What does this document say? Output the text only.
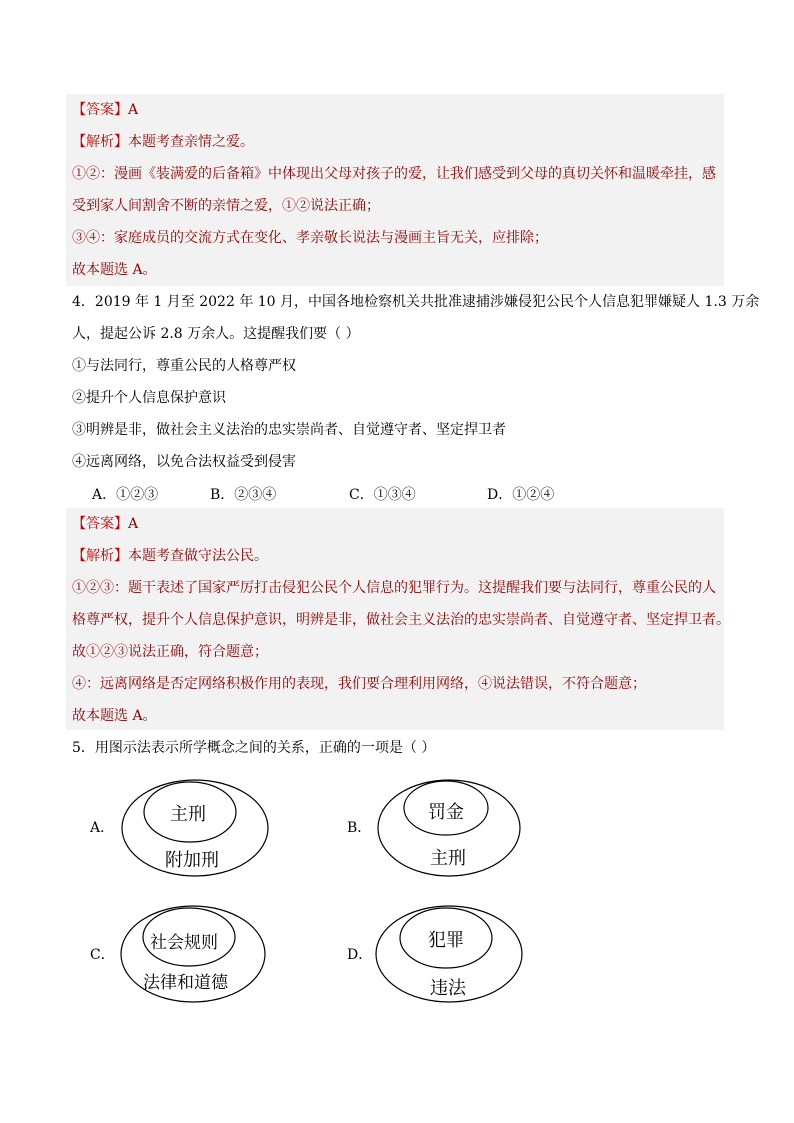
【答案】A
【解析】本题考查亲情之爱。
①②：漫画《装满爱的后备箱》中体现出父母对孩子的爱，让我们感受到父母的真切关怀和温暖牵挂，感
受到家人间割舍不断的亲情之爱，①②说法正确；
③④：家庭成员的交流方式在变化、孝亲敬长说法与漫画主旨无关，应排除；
故本题选 A。
4．2019 年 1 月至 2022 年 10 月，中国各地检察机关共批准逮捕涉嫌侵犯公民个人信息犯罪嫌疑人 1.3 万余
人，提起公诉 2.8 万余人。这提醒我们要（ ）
①与法同行，尊重公民的人格尊严权
②提升个人信息保护意识
③明辨是非，做社会主义法治的忠实崇尚者、自觉遵守者、坚定捍卫者
④远离网络，以免合法权益受到侵害
A．①②③	B．②③④	C．①③④	D．①②④
【答案】A
【解析】本题考查做守法公民。
①②③：题干表述了国家严厉打击侵犯公民个人信息的犯罪行为。这提醒我们要与法同行，尊重公民的人
格尊严权，提升个人信息保护意识，明辨是非，做社会主义法治的忠实崇尚者、自觉遵守者、坚定捍卫者。
故①②③说法正确，符合题意；
④：远离网络是否定网络积极作用的表现，我们要合理利用网络，④说法错误，不符合题意；
故本题选 A。
5．用图示法表示所学概念之间的关系，正确的一项是（ ）
A．
主刑
附加刑
B．
罚金
主刑
C．
社会规则
法律和道德
D．
犯罪
违法
